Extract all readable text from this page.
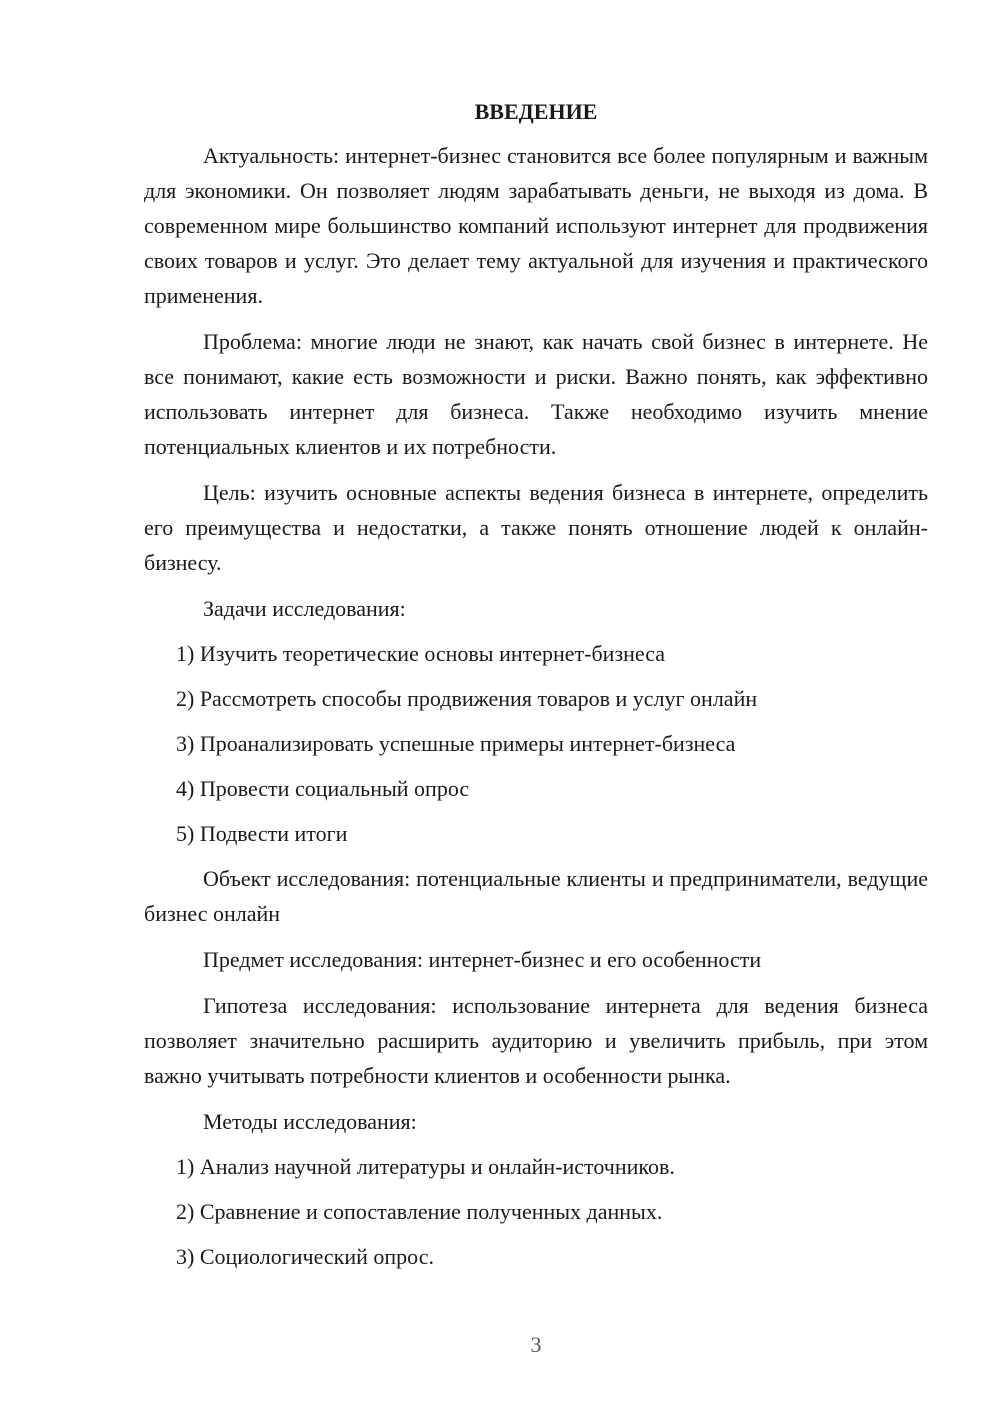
ВВЕДЕНИЕ
Актуальность: интернет-бизнес становится все более популярным и важным для экономики. Он позволяет людям зарабатывать деньги, не выходя из дома. В современном мире большинство компаний используют интернет для продвижения своих товаров и услуг. Это делает тему актуальной для изучения и практического применения.
Проблема: многие люди не знают, как начать свой бизнес в интернете. Не все понимают, какие есть возможности и риски. Важно понять, как эффективно использовать интернет для бизнеса. Также необходимо изучить мнение потенциальных клиентов и их потребности.
Цель: изучить основные аспекты ведения бизнеса в интернете, определить его преимущества и недостатки, а также понять отношение людей к онлайн-бизнесу.
Задачи исследования:
1) Изучить теоретические основы интернет-бизнеса
2) Рассмотреть способы продвижения товаров и услуг онлайн
3) Проанализировать успешные примеры интернет-бизнеса
4) Провести социальный опрос
5) Подвести итоги
Объект исследования: потенциальные клиенты и предприниматели, ведущие бизнес онлайн
Предмет исследования: интернет-бизнес и его особенности
Гипотеза исследования: использование интернета для ведения бизнеса позволяет значительно расширить аудиторию и увеличить прибыль, при этом важно учитывать потребности клиентов и особенности рынка.
Методы исследования:
1) Анализ научной литературы и онлайн-источников.
2) Сравнение и сопоставление полученных данных.
3) Социологический опрос.
3
